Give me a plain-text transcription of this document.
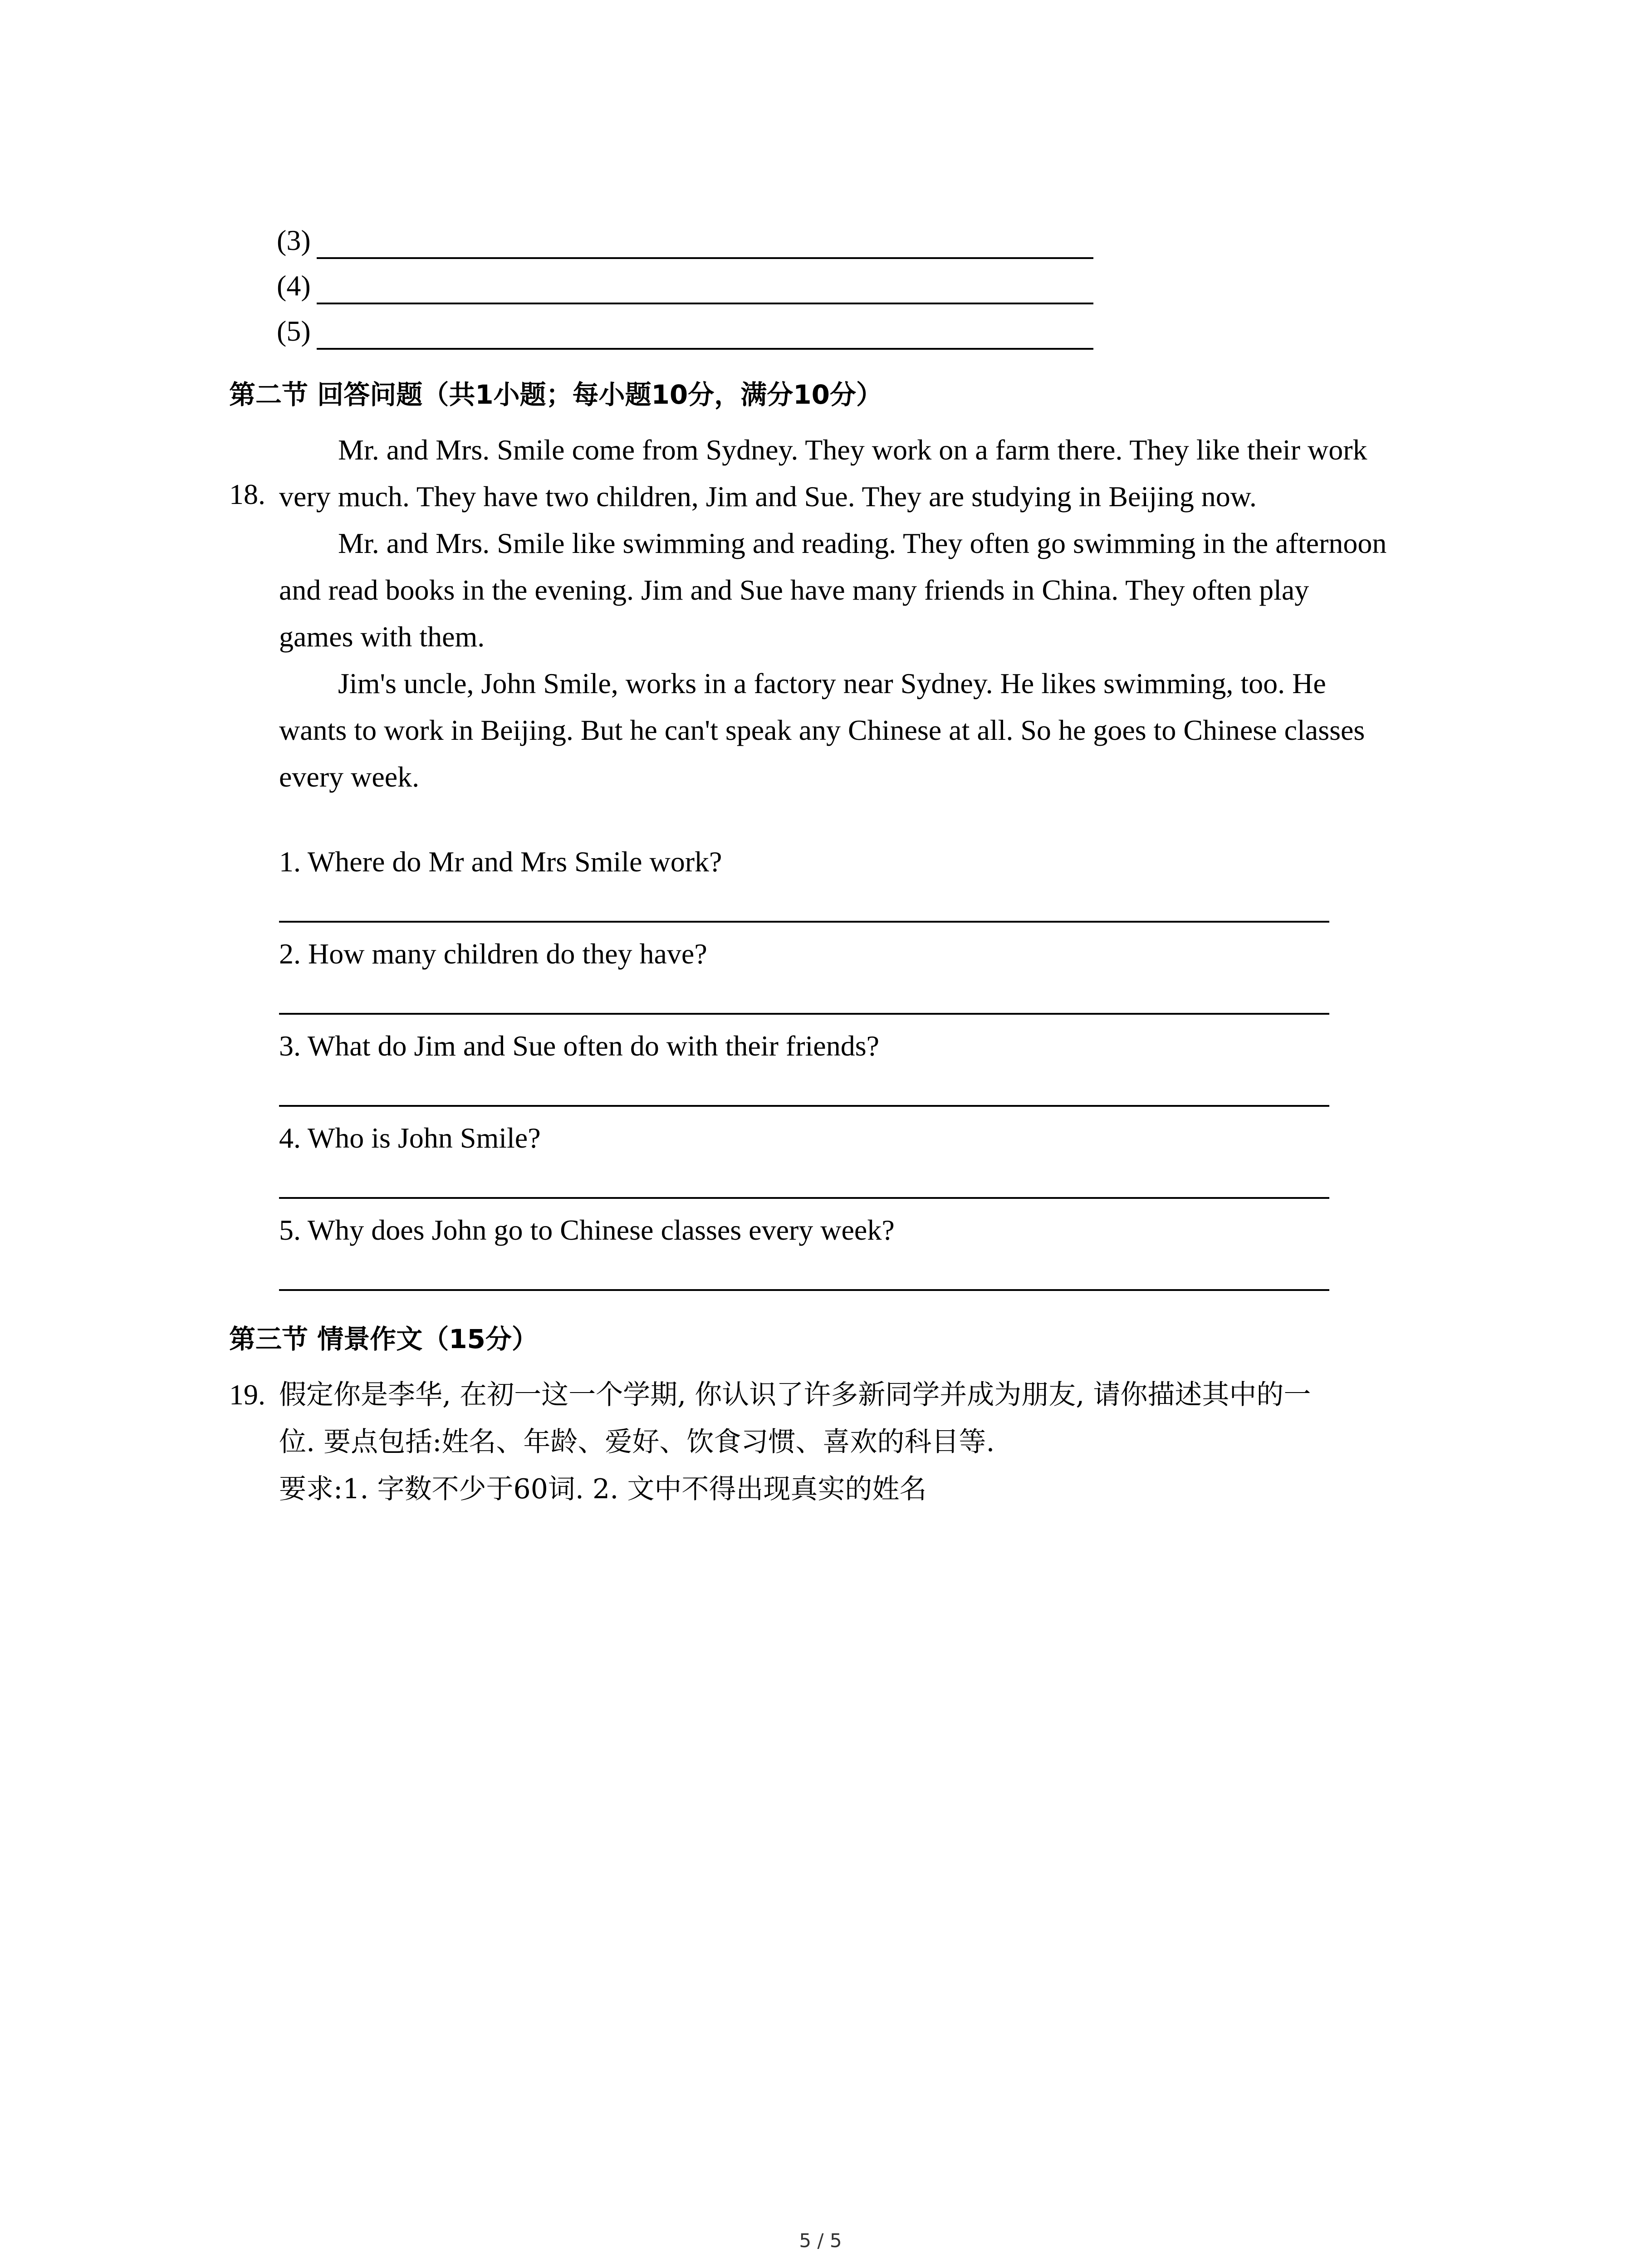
(3)
(4)
(5)
第二节 回答问题（共1小题；每小题10分，满分10分）
18.
Mr. and Mrs. Smile come from Sydney. They work on a farm there. They like their work
very much. They have two children, Jim and Sue. They are studying in Beijing now.
Mr. and Mrs. Smile like swimming and reading. They often go swimming in the afternoon
and read books in the evening. Jim and Sue have many friends in China. They often play
games with them.
Jim's uncle, John Smile, works in a factory near Sydney. He likes swimming, too. He
wants to work in Beijing. But he can't speak any Chinese at all. So he goes to Chinese classes
every week.
1. Where do Mr and Mrs Smile work?
2. How many children do they have?
3. What do Jim and Sue often do with their friends?
4. Who is John Smile?
5. Why does John go to Chinese classes every week?
第三节 情景作文（15分）
19. 假定你是李华, 在初一这一个学期, 你认识了许多新同学并成为朋友, 请你描述其中的一
位. 要点包括:姓名、年龄、爱好、饮食习惯、喜欢的科目等.
要求:1. 字数不少于60词. 2. 文中不得出现真实的姓名
5 / 5
